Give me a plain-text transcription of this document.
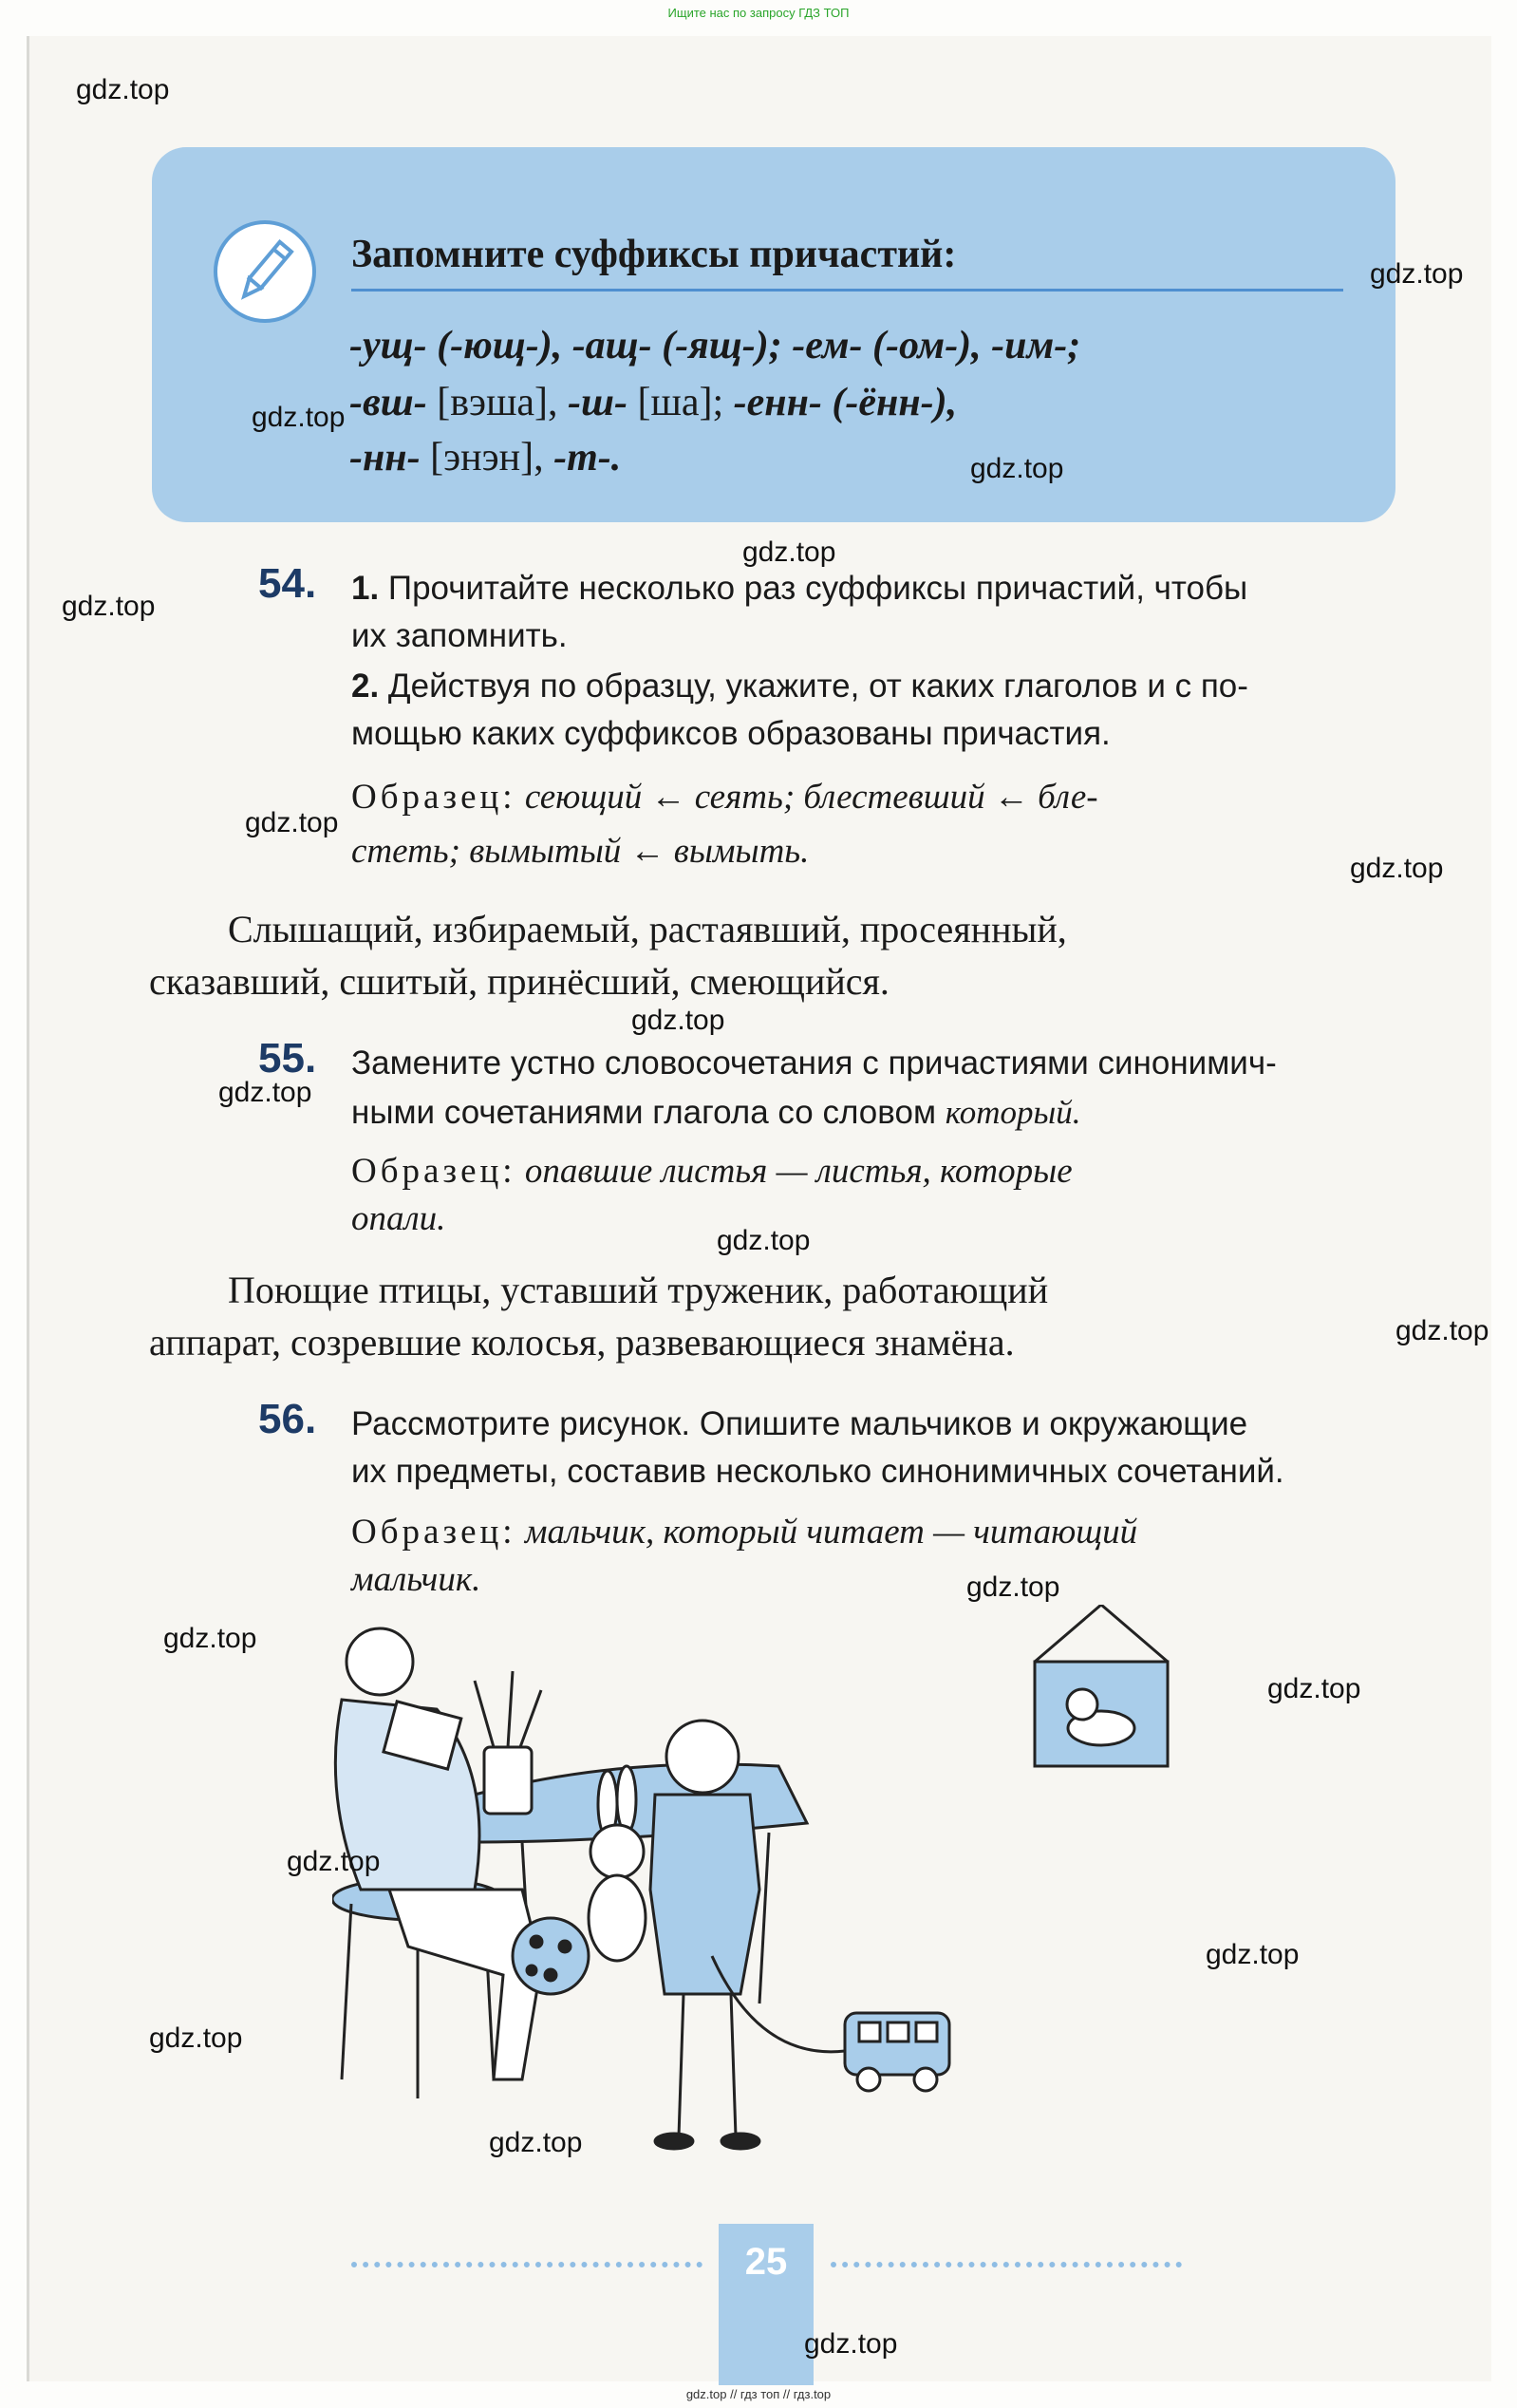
Ищите нас по запросу ГДЗ ТОП
Запомните суффиксы причастий:
-ущ- (-ющ-), -ащ- (-ящ-); -ем- (-ом-), -им-;
-вш- [вэша], -ш- [ша]; -енн- (-ённ-),
-нн- [энэн], -т-.
54. 1. Прочитайте несколько раз суффиксы причастий, чтобы
их запомнить.
2. Действуя по образцу, укажите, от каких глаголов и с по-
мощью каких суффиксов образованы причастия.
Образец: сеющий ← сеять; блестевший ← бле-
стеть; вымытый ← вымыть.
Слышащий, избираемый, растаявший, просеянный,
сказавший, сшитый, принёсший, смеющийся.
55. Замените устно словосочетания с причастиями синонимич-
ными сочетаниями глагола со словом который.
Образец: опавшие листья — листья, которые
опали.
Поющие птицы, уставший труженик, работающий
аппарат, созревшие колосья, развевающиеся знамёна.
56. Рассмотрите рисунок. Опишите мальчиков и окружающие
их предметы, составив несколько синонимичных сочетаний.
Образец: мальчик, который читает — читающий
мальчик.
25
gdz.top
gdz.top
gdz.top
gdz.top
gdz.top
gdz.top
gdz.top
gdz.top
gdz.top
gdz.top
gdz.top
gdz.top
gdz.top
gdz.top
gdz.top
gdz.top
gdz.top
gdz.top
gdz.top
gdz.top
gdz.top // гдз топ // гдз.top
